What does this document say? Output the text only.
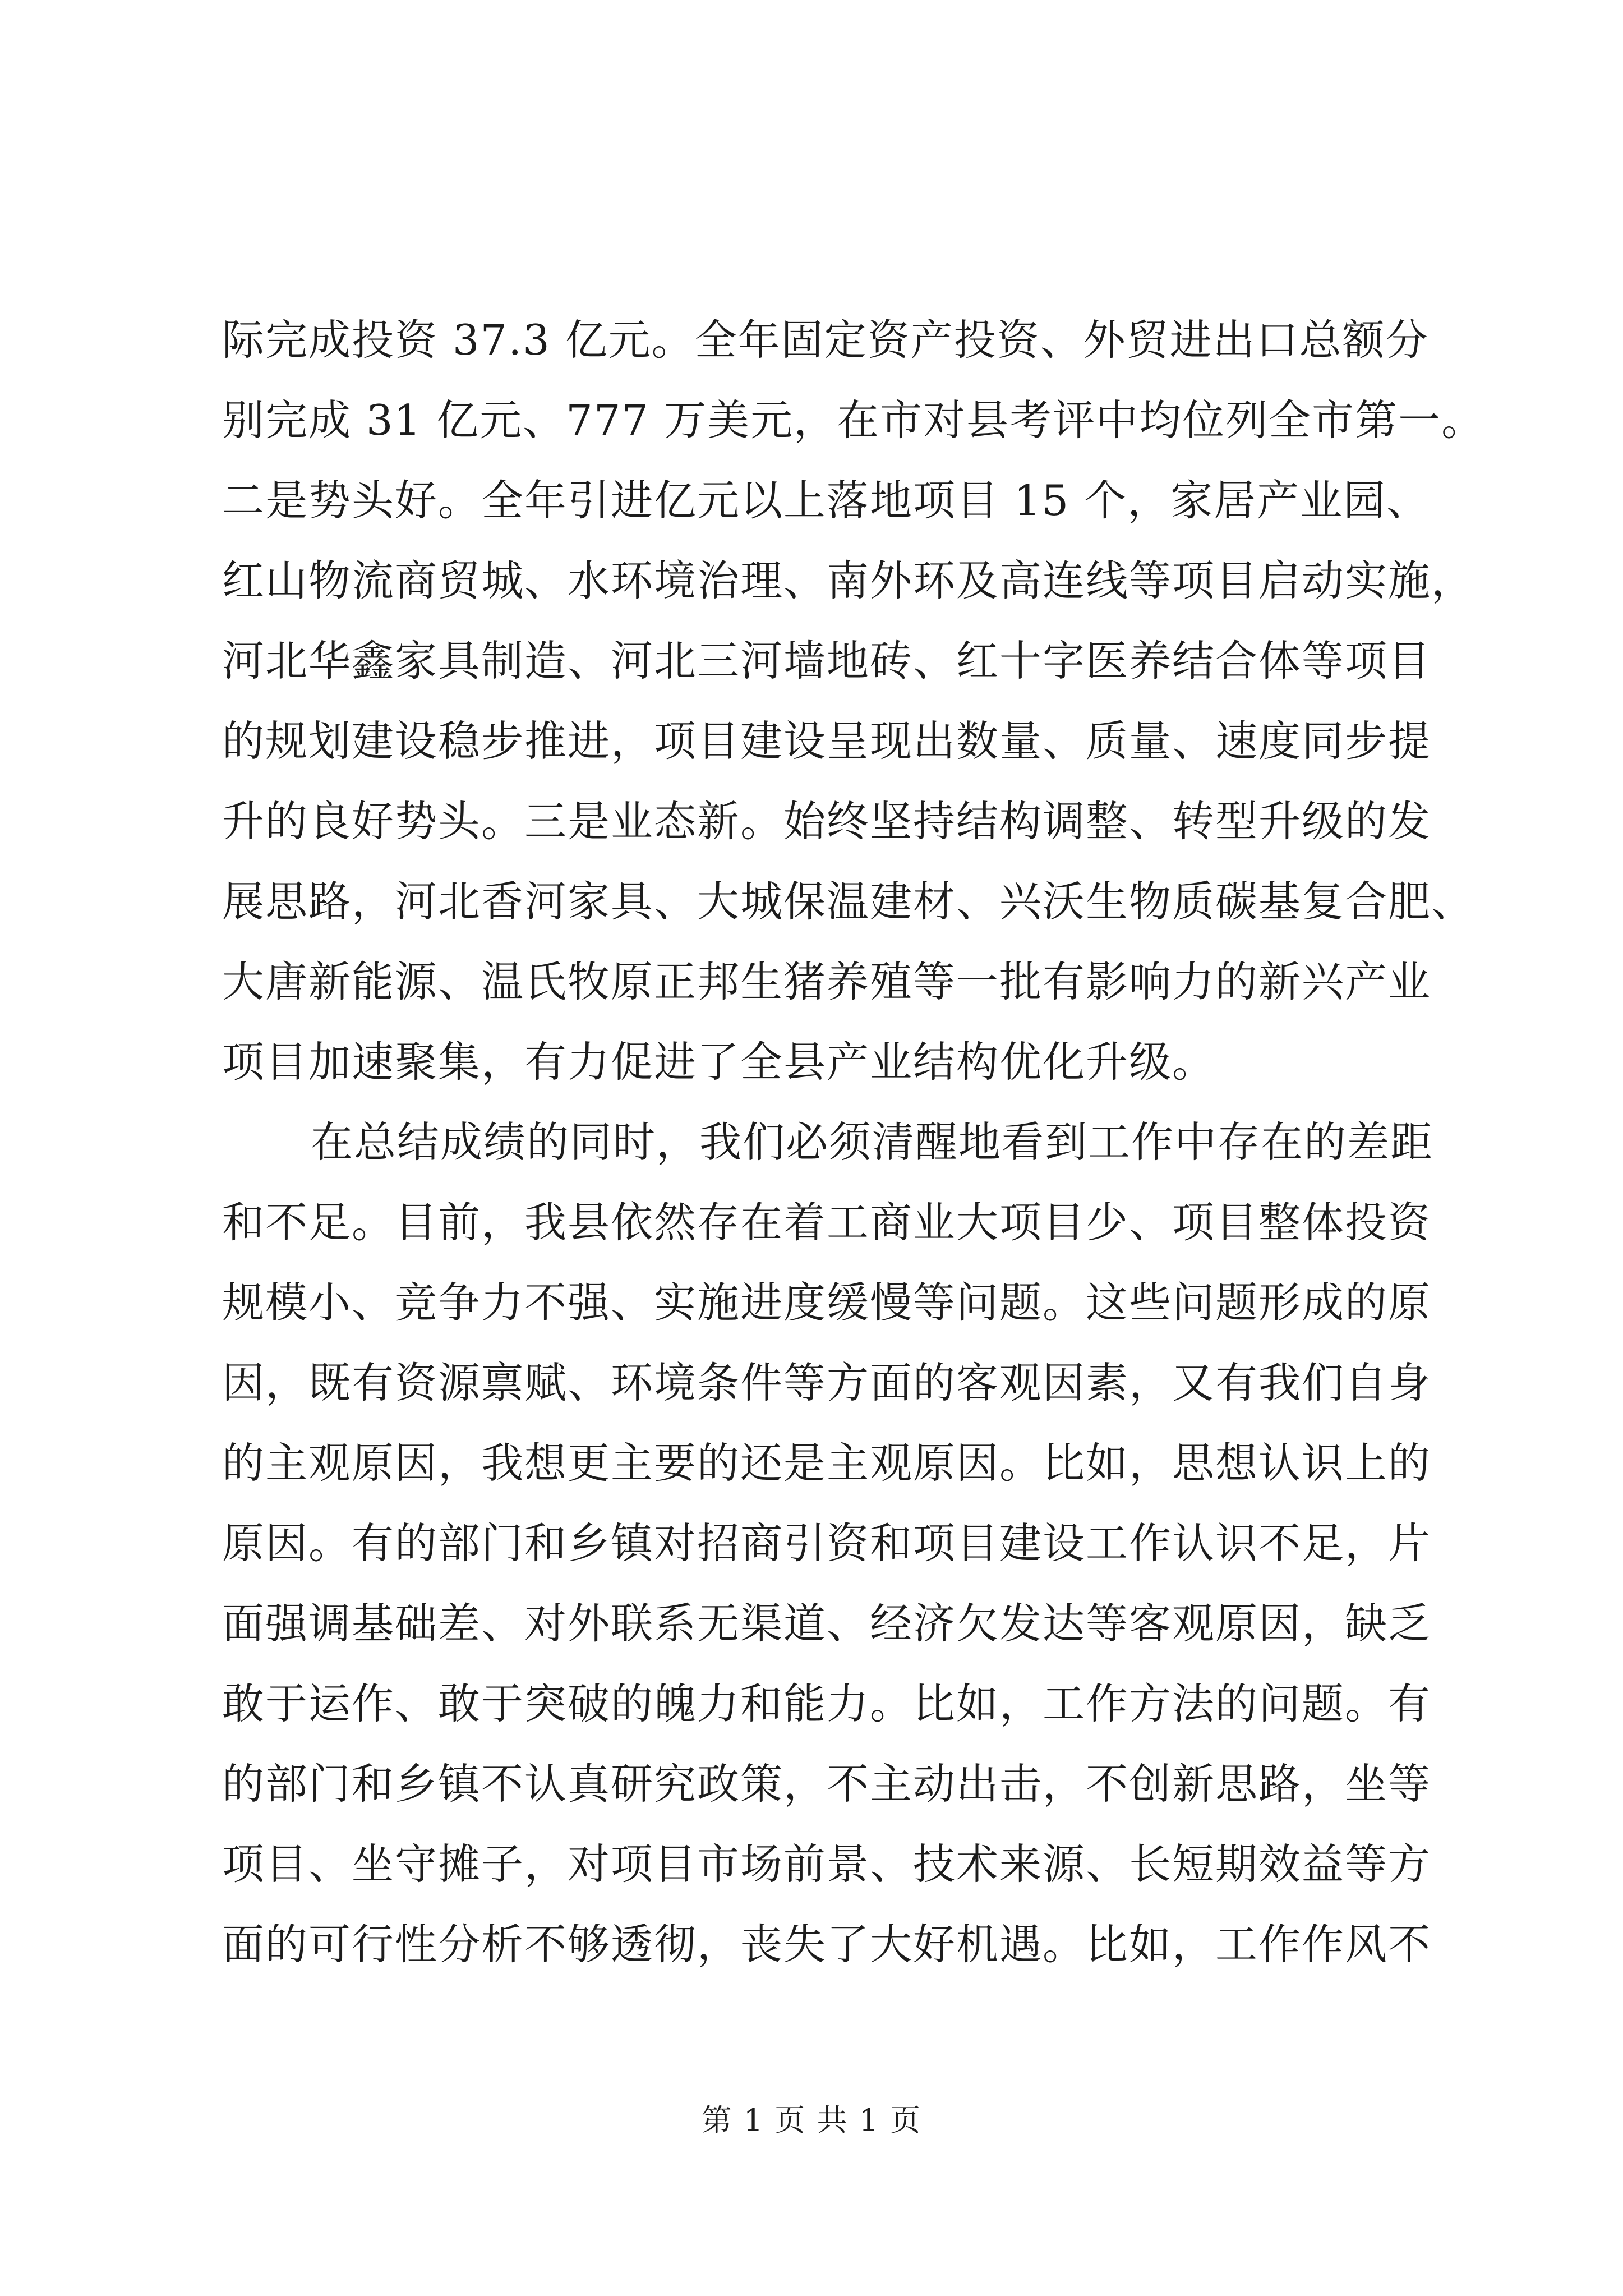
际完成投资 37.3 亿元。全年固定资产投资、外贸进出口总额分
别完成 31 亿元、777 万美元，在市对县考评中均位列全市第一。
二是势头好。全年引进亿元以上落地项目 15 个，家居产业园、
红山物流商贸城、水环境治理、南外环及高连线等项目启动实施，
河北华鑫家具制造、河北三河墙地砖、红十字医养结合体等项目
的规划建设稳步推进，项目建设呈现出数量、质量、速度同步提
升的良好势头。三是业态新。始终坚持结构调整、转型升级的发
展思路，河北香河家具、大城保温建材、兴沃生物质碳基复合肥、
大唐新能源、温氏牧原正邦生猪养殖等一批有影响力的新兴产业
项目加速聚集，有力促进了全县产业结构优化升级。
在总结成绩的同时，我们必须清醒地看到工作中存在的差距
和不足。目前，我县依然存在着工商业大项目少、项目整体投资
规模小、竞争力不强、实施进度缓慢等问题。这些问题形成的原
因，既有资源禀赋、环境条件等方面的客观因素，又有我们自身
的主观原因，我想更主要的还是主观原因。比如，思想认识上的
原因。有的部门和乡镇对招商引资和项目建设工作认识不足，片
面强调基础差、对外联系无渠道、经济欠发达等客观原因，缺乏
敢于运作、敢于突破的魄力和能力。比如，工作方法的问题。有
的部门和乡镇不认真研究政策，不主动出击，不创新思路，坐等
项目、坐守摊子，对项目市场前景、技术来源、长短期效益等方
面的可行性分析不够透彻，丧失了大好机遇。比如，工作作风不
第 1 页 共 1 页
